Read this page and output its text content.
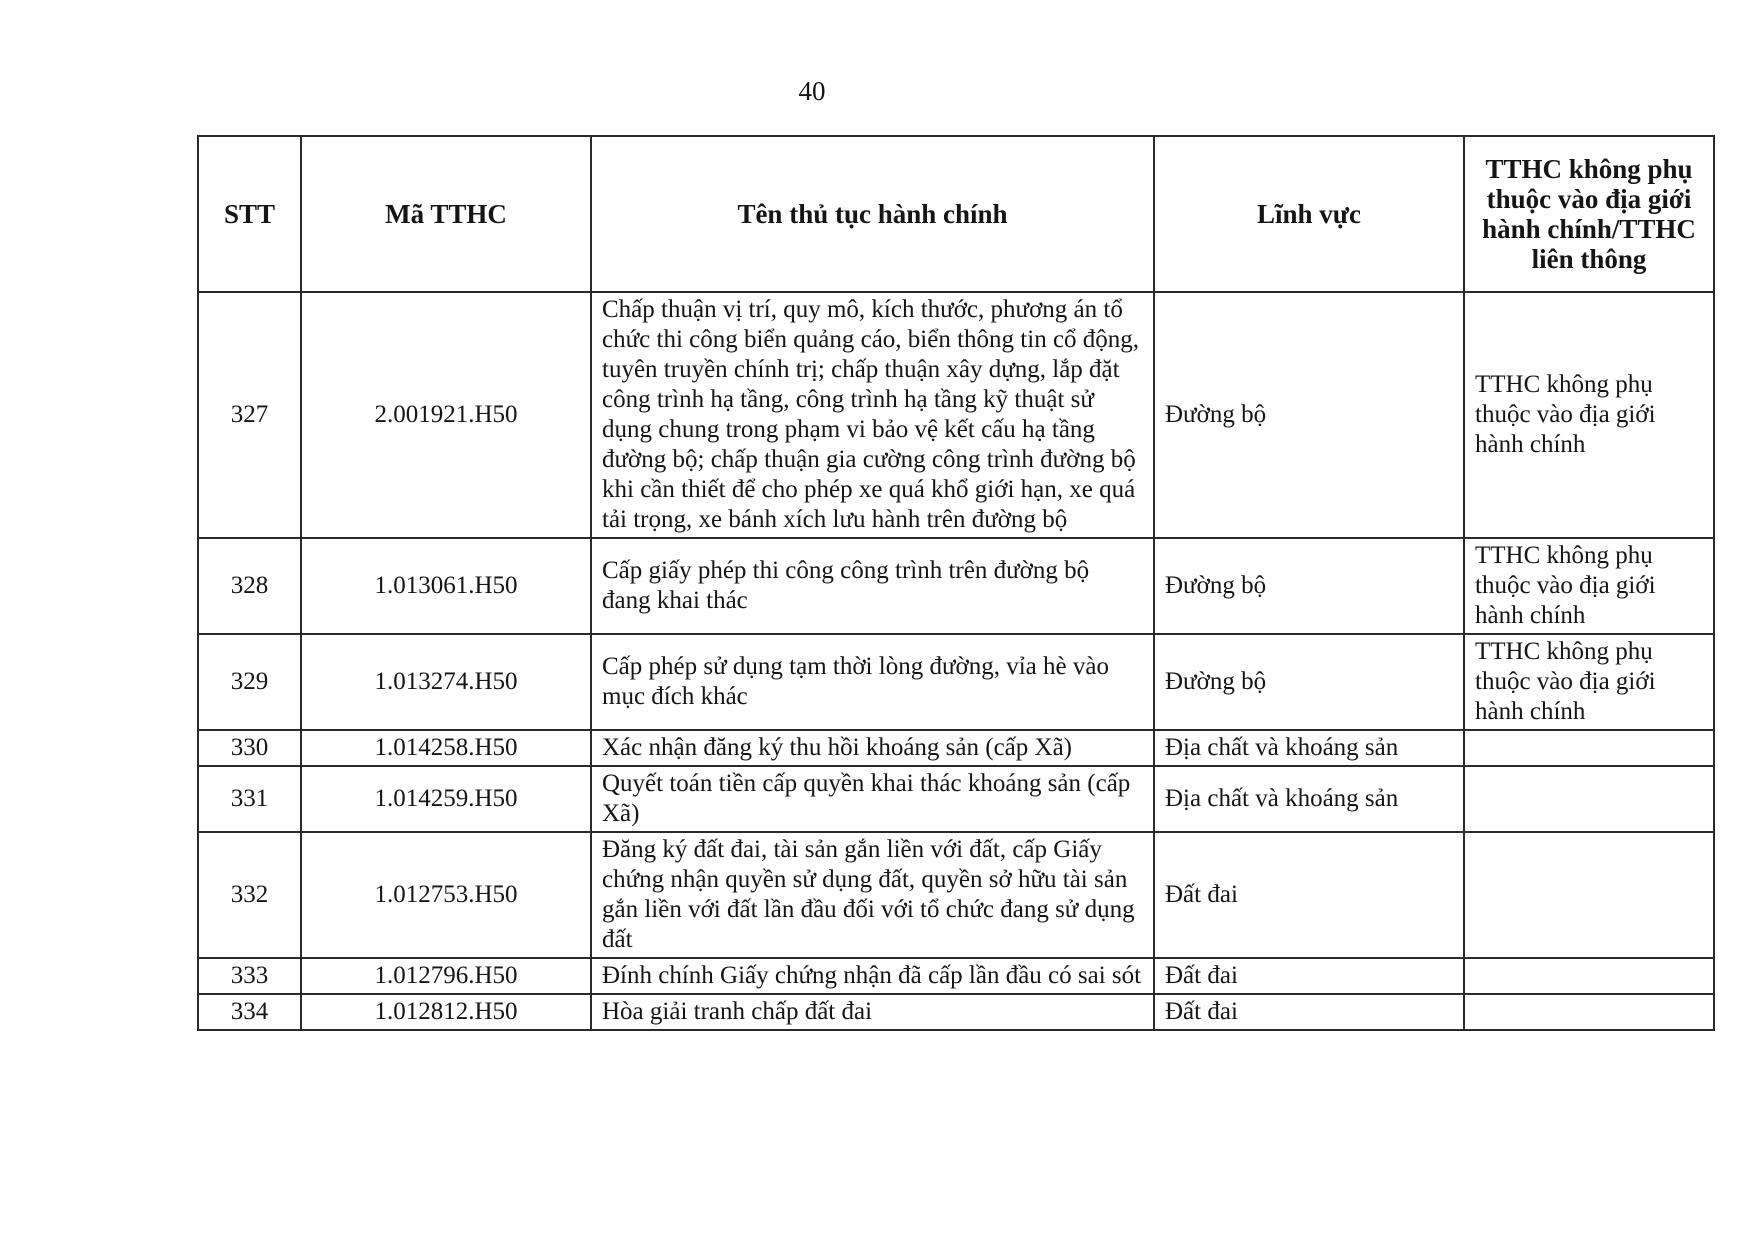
40
STT	Mã TTHC	Tên thủ tục hành chính	Lĩnh vực	TTHC không phụ thuộc vào địa giới hành chính/TTHC liên thông
327	2.001921.H50	Chấp thuận vị trí, quy mô, kích thước, phương án tổ chức thi công biển quảng cáo, biển thông tin cổ động, tuyên truyền chính trị; chấp thuận xây dựng, lắp đặt công trình hạ tầng, công trình hạ tầng kỹ thuật sử dụng chung trong phạm vi bảo vệ kết cấu hạ tầng đường bộ; chấp thuận gia cường công trình đường bộ khi cần thiết để cho phép xe quá khổ giới hạn, xe quá tải trọng, xe bánh xích lưu hành trên đường bộ	Đường bộ	TTHC không phụ thuộc vào địa giới hành chính
328	1.013061.H50	Cấp giấy phép thi công công trình trên đường bộ đang khai thác	Đường bộ	TTHC không phụ thuộc vào địa giới hành chính
329	1.013274.H50	Cấp phép sử dụng tạm thời lòng đường, vỉa hè vào mục đích khác	Đường bộ	TTHC không phụ thuộc vào địa giới hành chính
330	1.014258.H50	Xác nhận đăng ký thu hồi khoáng sản (cấp Xã)	Địa chất và khoáng sản	
331	1.014259.H50	Quyết toán tiền cấp quyền khai thác khoáng sản (cấp Xã)	Địa chất và khoáng sản	
332	1.012753.H50	Đăng ký đất đai, tài sản gắn liền với đất, cấp Giấy chứng nhận quyền sử dụng đất, quyền sở hữu tài sản gắn liền với đất lần đầu đối với tổ chức đang sử dụng đất	Đất đai	
333	1.012796.H50	Đính chính Giấy chứng nhận đã cấp lần đầu có sai sót	Đất đai	
334	1.012812.H50	Hòa giải tranh chấp đất đai	Đất đai	
